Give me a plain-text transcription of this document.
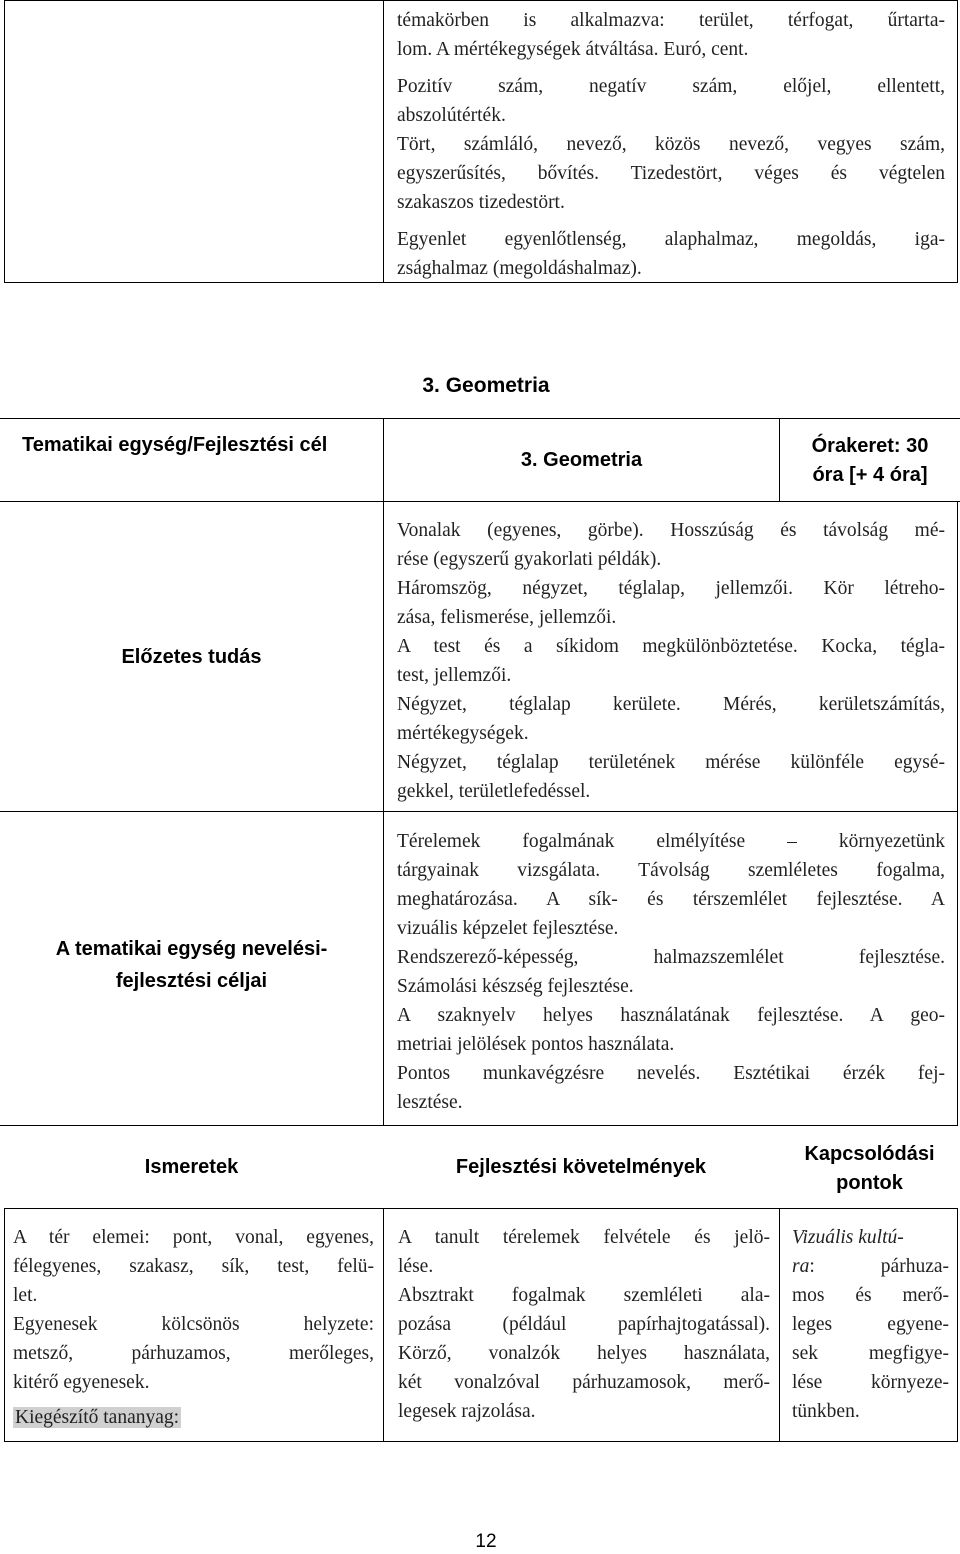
témakörben is alkalmazva: terület, térfogat, űrtarta-

lom. A mértékegységek átváltása. Euró, cent.

Pozitív szám, negatív szám, előjel, ellentett,

abszolútérték.

Tört, számláló, nevező, közös nevező, vegyes szám,

egyszerűsítés, bővítés. Tizedestört, véges és végtelen

szakaszos tizedestört.

Egyenlet egyenlőtlenség, alaphalmaz, megoldás, iga-

zsághalmaz (megoldáshalmaz).

3. Geometria
Tematikai egység/Fejlesztési cél
3. Geometria
Órakeret: 30
óra [+ 4 óra]
Előzetes tudás

Vonalak (egyenes, görbe). Hosszúság és távolság mé-

rése (egyszerű gyakorlati példák).

Háromszög, négyzet, téglalap, jellemzői. Kör létreho-

zása, felismerése, jellemzői.

A test és a síkidom megkülönböztetése. Kocka, tégla-

test, jellemzői.

Négyzet, téglalap kerülete. Mérés, kerületszámítás,

mértékegységek.

Négyzet, téglalap területének mérése különféle egysé-

gekkel, területlefedéssel.

A tematikai egység nevelési-
fejlesztési céljai

Térelemek fogalmának elmélyítése – környezetünk

tárgyainak vizsgálata. Távolság szemléletes fogalma,

meghatározása. A sík- és térszemlélet fejlesztése. A

vizuális képzelet fejlesztése.

Rendszerező-képesség, halmazszemlélet fejlesztése.

Számolási készség fejlesztése.

A szaknyelv helyes használatának fejlesztése. A geo-

metriai jelölések pontos használata.

Pontos munkavégzésre nevelés. Esztétikai érzék fej-

lesztése.

Ismeretek	Fejlesztési követelmények
Kapcsolódási
pontok

A tér elemei: pont, vonal, egyenes,

félegyenes, szakasz, sík, test, felü-

let.

Egyenesek kölcsönös helyzete:

metsző, párhuzamos, merőleges,

kitérő egyenesek.

Kiegészítő tananyag:

A tanult térelemek felvétele és jelö-

lése.

Absztrakt fogalmak szemléleti ala-

pozása (például papírhajtogatással).

Körző, vonalzók helyes használata,

két vonalzóval párhuzamosok, merő-

legesek rajzolása.

Vizuális kultú-

ra: párhuza-

mos és merő-

leges egyene-

sek megfigye-

lése környeze-

tünkben.

12
